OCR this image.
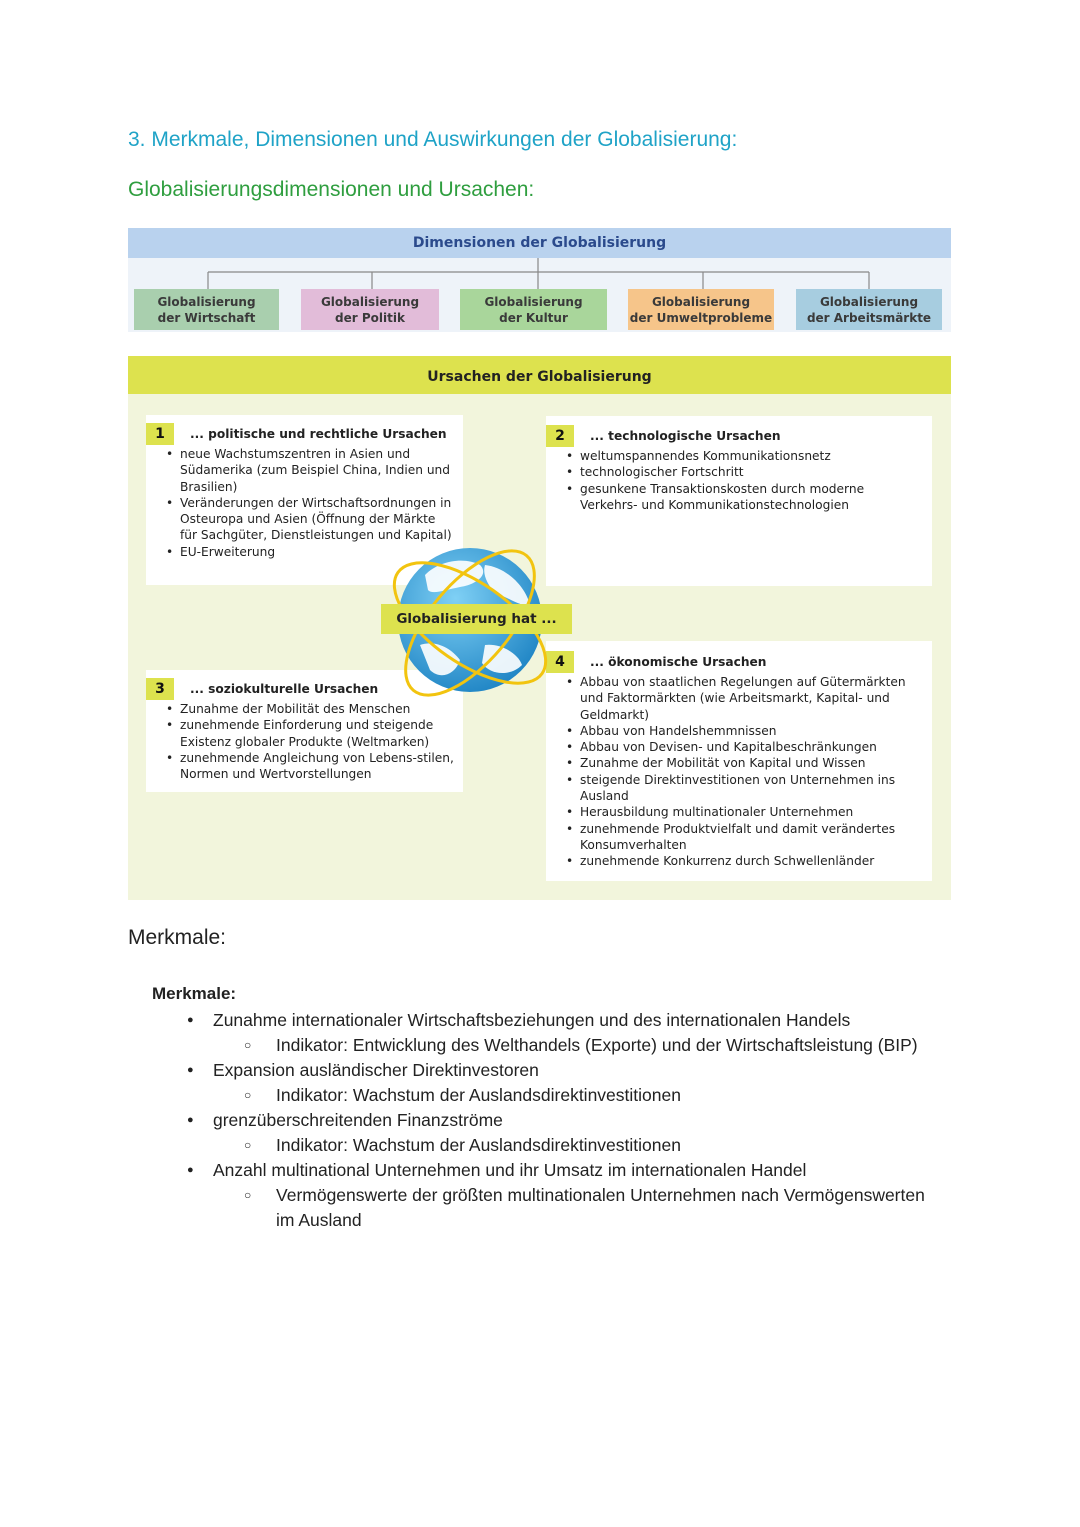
3. Merkmale, Dimensionen und Auswirkungen der Globalisierung:
Globalisierungsdimensionen und Ursachen:
Dimensionen der Globalisierung
Globalisierung
der Wirtschaft
Globalisierung
der Politik
Globalisierung
der Kultur
Globalisierung
der Umweltprobleme
Globalisierung
der Arbeitsmärkte
Ursachen der Globalisierung
1	... politische und rechtliche Ursachen
• neue Wachstumszentren in Asien und Südamerika (zum Beispiel China, Indien und Brasilien)
• Veränderungen der Wirtschaftsordnungen in Osteuropa und Asien (Öffnung der Märkte für Sachgüter, Dienstleistungen und Kapital)
• EU-Erweiterung
2	... technologische Ursachen
• weltumspannendes Kommunikationsnetz
• technologischer Fortschritt
• gesunkene Transaktionskosten durch moderne Verkehrs- und Kommunikationstechnologien
3	... soziokulturelle Ursachen
• Zunahme der Mobilität des Menschen
• zunehmende Einforderung und steigende Existenz globaler Produkte (Weltmarken)
• zunehmende Angleichung von Lebens-stilen, Normen und Wertvorstellungen
4	... ökonomische Ursachen
• Abbau von staatlichen Regelungen auf Gütermärkten und Faktormärkten (wie Arbeitsmarkt, Kapital- und Geldmarkt)
• Abbau von Handelshemmnissen
• Abbau von Devisen- und Kapitalbeschränkungen
• Zunahme der Mobilität von Kapital und Wissen
• steigende Direktinvestitionen von Unternehmen ins Ausland
• Herausbildung multinationaler Unternehmen
• zunehmende Produktvielfalt und damit verändertes Konsumverhalten
• zunehmende Konkurrenz durch Schwellenländer
Globalisierung hat ...
Merkmale:
Merkmale:
● Zunahme internationaler Wirtschaftsbeziehungen und des internationalen Handels
○ Indikator: Entwicklung des Welthandels (Exporte) und der Wirtschaftsleistung (BIP)
● Expansion ausländischer Direktinvestoren
○ Indikator: Wachstum der Auslandsdirektinvestitionen
● grenzüberschreitenden Finanzströme
○ Indikator: Wachstum der Auslandsdirektinvestitionen
● Anzahl multinational Unternehmen und ihr Umsatz im internationalen Handel
○ Vermögenswerte der größten multinationalen Unternehmen nach Vermögenswerten im Ausland
